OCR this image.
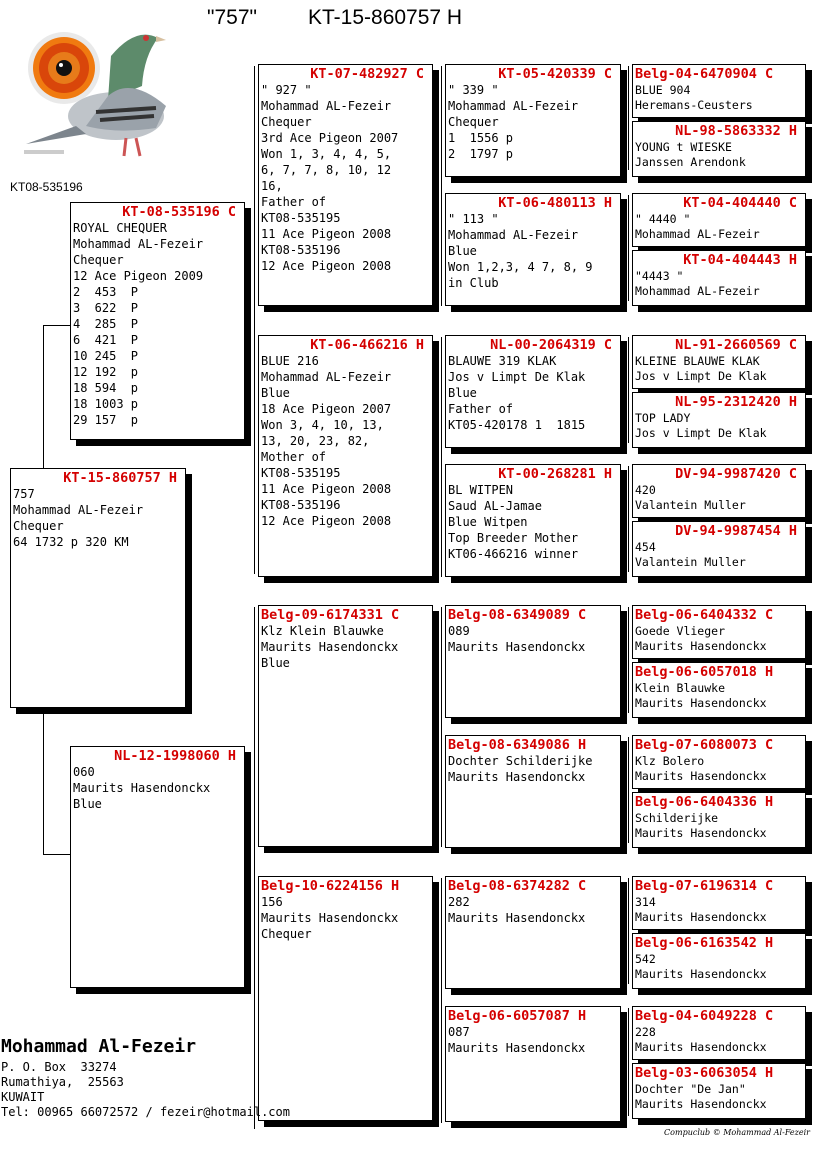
"757" KT-15-860757 H
KT08-535196
KT-15-860757 H
757
Mohammad AL-Fezeir
Chequer
64 1732 p 320 KM
KT-08-535196 C
ROYAL CHEQUER
Mohammad AL-Fezeir
Chequer
12 Ace Pigeon 2009
2  453  P
3  622  P
4  285  P
6  421  P
10 245  P
12 192  p
18 594  p
18 1003 p
29 157  p
NL-12-1998060 H
060
Maurits Hasendonckx
Blue
KT-07-482927 C
" 927 "
Mohammad AL-Fezeir
Chequer
3rd Ace Pigeon 2007
Won 1, 3, 4, 4, 5,
6, 7, 7, 8, 10, 12
16,
Father of
KT08-535195
11 Ace Pigeon 2008
KT08-535196
12 Ace Pigeon 2008
KT-06-466216 H
BLUE 216
Mohammad AL-Fezeir
Blue
18 Ace Pigeon 2007
Won 3, 4, 10, 13,
13, 20, 23, 82,
Mother of
KT08-535195
11 Ace Pigeon 2008
KT08-535196
12 Ace Pigeon 2008
Belg-09-6174331 C
Klz Klein Blauwke
Maurits Hasendonckx
Blue
Belg-10-6224156 H
156
Maurits Hasendonckx
Chequer
KT-05-420339 C
" 339 "
Mohammad AL-Fezeir
Chequer
1  1556 p
2  1797 p
KT-06-480113 H
" 113 "
Mohammad AL-Fezeir
Blue
Won 1,2,3, 4 7, 8, 9
in Club
NL-00-2064319 C
BLAUWE 319 KLAK
Jos v Limpt De Klak
Blue
Father of
KT05-420178 1  1815
KT-00-268281 H
BL WITPEN
Saud AL-Jamae
Blue Witpen
Top Breeder Mother
KT06-466216 winner
Belg-08-6349089 C
089
Maurits Hasendonckx
Belg-08-6349086 H
Dochter Schilderijke
Maurits Hasendonckx
Belg-08-6374282 C
282
Maurits Hasendonckx
Belg-06-6057087 H
087
Maurits Hasendonckx
Belg-04-6470904 C
BLUE 904
Heremans-Ceusters
NL-98-5863332 H
YOUNG t WIESKE
Janssen Arendonk
KT-04-404440 C
" 4440 "
Mohammad AL-Fezeir
KT-04-404443 H
"4443 "
Mohammad AL-Fezeir
NL-91-2660569 C
KLEINE BLAUWE KLAK
Jos v Limpt De Klak
NL-95-2312420 H
TOP LADY
Jos v Limpt De Klak
DV-94-9987420 C
420
Valantein Muller
DV-94-9987454 H
454
Valantein Muller
Belg-06-6404332 C
Goede Vlieger
Maurits Hasendonckx
Belg-06-6057018 H
Klein Blauwke
Maurits Hasendonckx
Belg-07-6080073 C
Klz Bolero
Maurits Hasendonckx
Belg-06-6404336 H
Schilderijke
Maurits Hasendonckx
Belg-07-6196314 C
314
Maurits Hasendonckx
Belg-06-6163542 H
542
Maurits Hasendonckx
Belg-04-6049228 C
228
Maurits Hasendonckx
Belg-03-6063054 H
Dochter "De Jan"
Maurits Hasendonckx
Mohammad Al-Fezeir
P. O. Box  33274
Rumathiya,  25563
KUWAIT
Tel: 00965 66072572 / fezeir@hotmail.com
Compuclub © Mohammad Al-Fezeir
